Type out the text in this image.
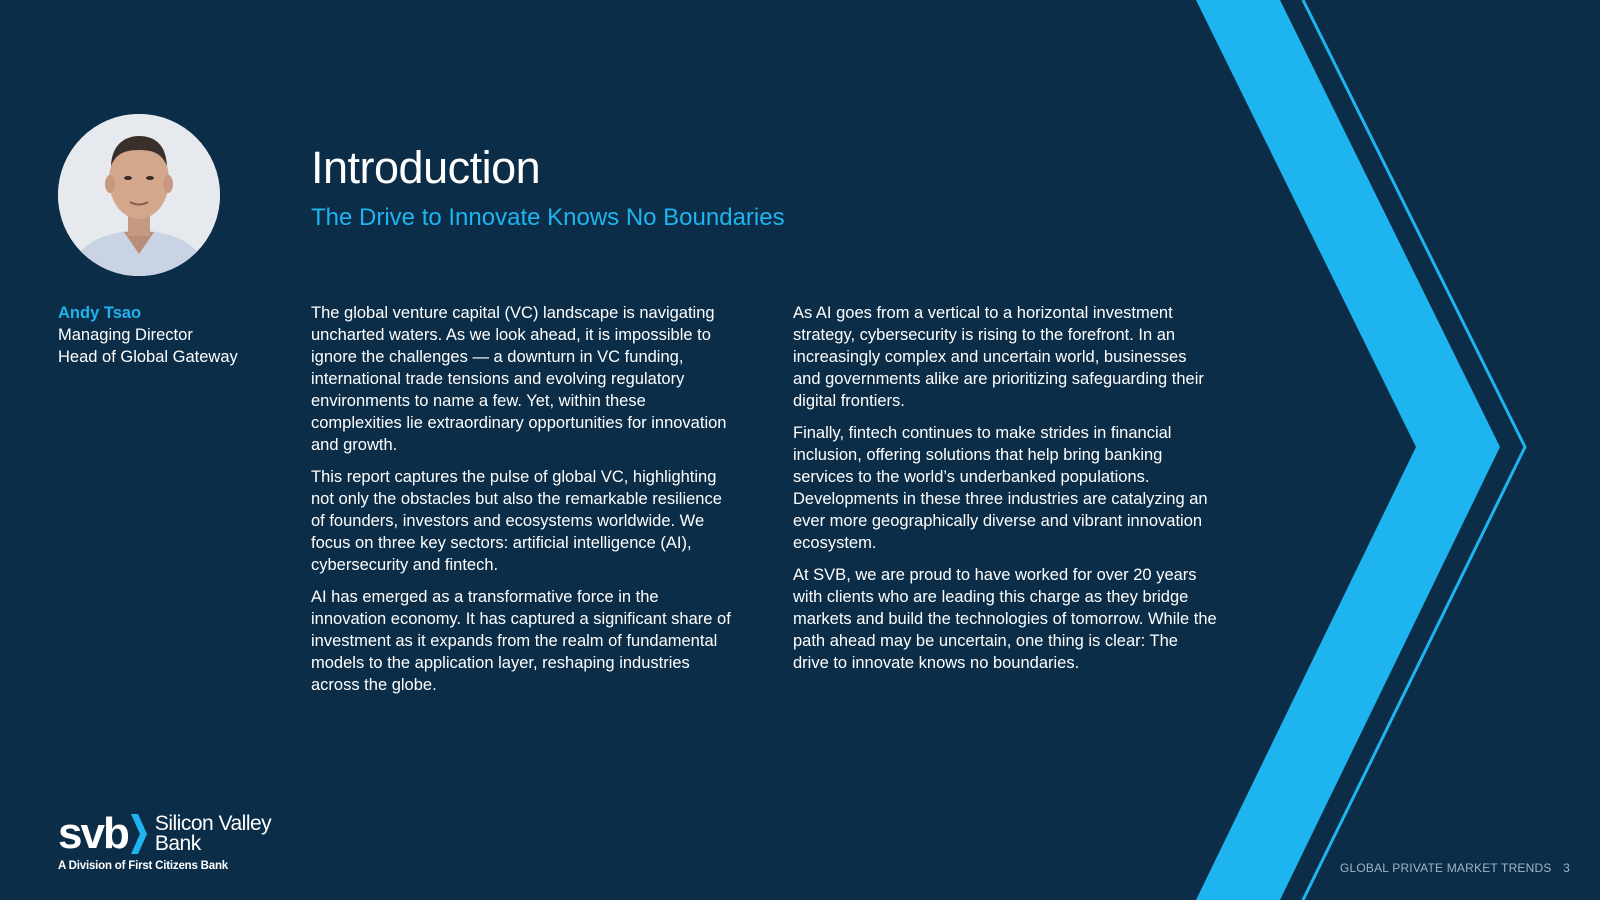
Introduction
The Drive to Innovate Knows No Boundaries
Andy Tsao
Managing Director
Head of Global Gateway

The global venture capital (VC) landscape is navigating uncharted waters. As we look ahead, it is impossible to ignore the challenges — a downturn in VC funding, international trade tensions and evolving regulatory environments to name a few. Yet, within these complexities lie extraordinary opportunities for innovation and growth.

This report captures the pulse of global VC, highlighting not only the obstacles but also the remarkable resilience of founders, investors and ecosystems worldwide. We focus on three key sectors: artificial intelligence (AI), cybersecurity and fintech.

AI has emerged as a transformative force in the innovation economy. It has captured a significant share of investment as it expands from the realm of fundamental models to the application layer, reshaping industries across the globe.

As AI goes from a vertical to a horizontal investment strategy, cybersecurity is rising to the forefront. In an increasingly complex and uncertain world, businesses and governments alike are prioritizing safeguarding their digital frontiers.

Finally, fintech continues to make strides in financial inclusion, offering solutions that help bring banking services to the world’s underbanked populations. Developments in these three industries are catalyzing an ever more geographically diverse and vibrant innovation ecosystem.

At SVB, we are proud to have worked for over 20 years with clients who are leading this charge as they bridge markets and build the technologies of tomorrow. While the path ahead may be uncertain, one thing is clear: The drive to innovate knows no boundaries.

svb Silicon Valley
Bank
A Division of First Citizens Bank	GLOBAL PRIVATE MARKET TRENDS 3
